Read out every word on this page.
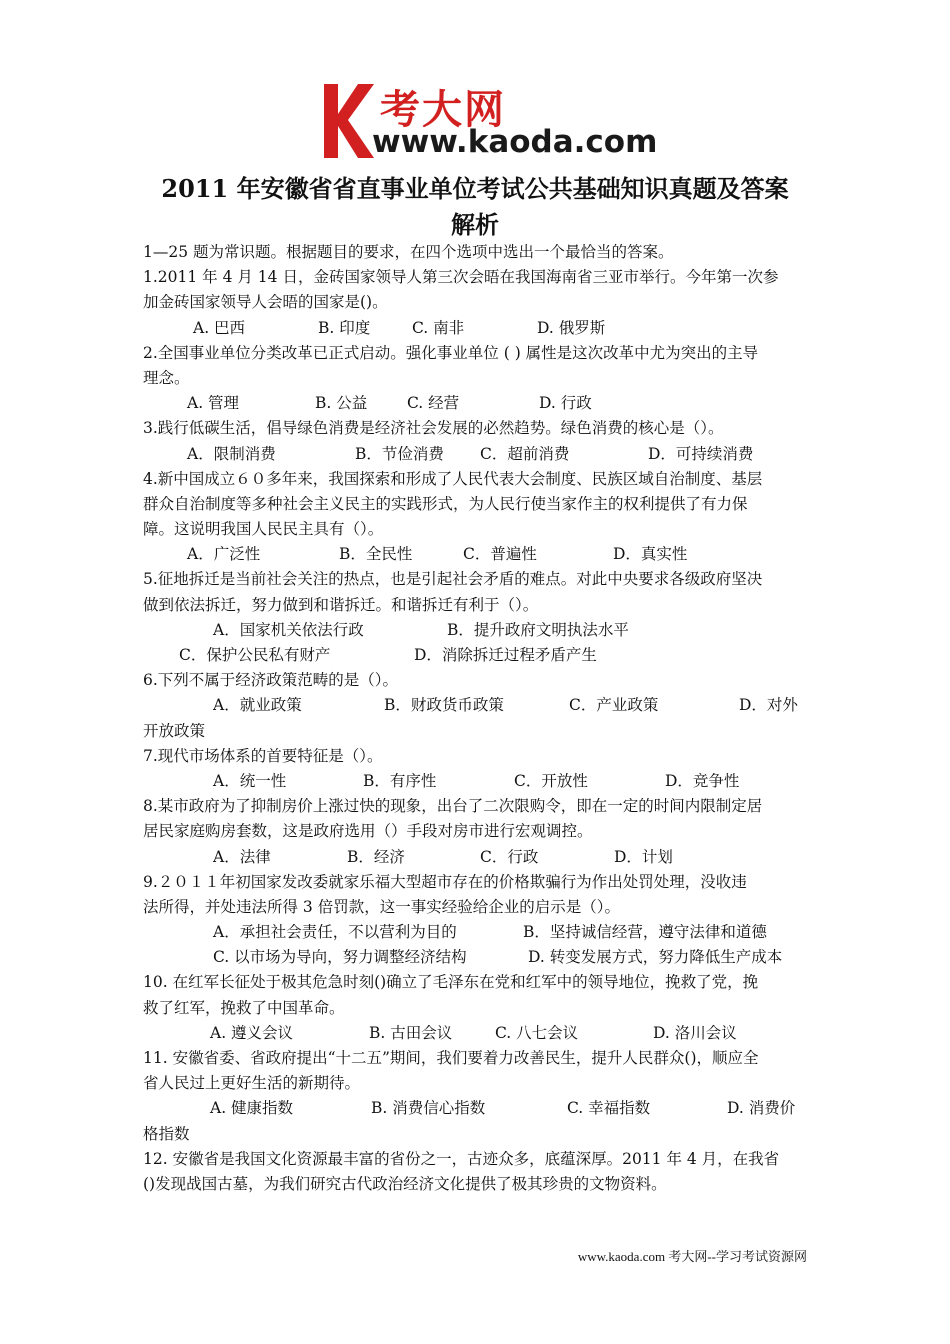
考大网
www.kaoda.com
2011 年安徽省省直事业单位考试公共基础知识真题及答案
解析
1—25 题为常识题。根据题目的要求，在四个选项中选出一个最恰当的答案。
1.2011 年 4 月 14 日，金砖国家领导人第三次会晤在我国海南省三亚市举行。今年第一次参
加金砖国家领导人会晤的国家是()。
A. 巴西	B. 印度	C. 南非	D. 俄罗斯
2.全国事业单位分类改革已正式启动。强化事业单位 ( ) 属性是这次改革中尤为突出的主导
理念。
A. 管理	B. 公益	C. 经营	D. 行政
3.践行低碳生活，倡导绿色消费是经济社会发展的必然趋势。绿色消费的核心是（）。
A．限制消费	B．节俭消费 C．超前消费	D．可持续消费
4.新中国成立６０多年来，我国探索和形成了人民代表大会制度、民族区域自治制度、基层
群众自治制度等多种社会主义民主的实践形式，为人民行使当家作主的权利提供了有力保
障。这说明我国人民民主具有（）。
A．广泛性	B．全民性	C．普遍性	D．真实性
5.征地拆迁是当前社会关注的热点，也是引起社会矛盾的难点。对此中央要求各级政府坚决
做到依法拆迁，努力做到和谐拆迁。和谐拆迁有利于（）。
A．国家机关依法行政	B．提升政府文明执法水平
C．保护公民私有财产	D．消除拆迁过程矛盾产生
6.下列不属于经济政策范畴的是（）。
A．就业政策	B．财政货币政策	C．产业政策	D．对外
开放政策
7.现代市场体系的首要特征是（）。
A．统一性	B．有序性	C．开放性	D．竞争性
8.某市政府为了抑制房价上涨过快的现象，出台了二次限购令，即在一定的时间内限制定居
居民家庭购房套数，这是政府选用（）手段对房市进行宏观调控。
A．法律	B．经济	C．行政	D．计划
9.２０１１年初国家发改委就家乐福大型超市存在的价格欺骗行为作出处罚处理，没收违
法所得，并处违法所得 3 倍罚款，这一事实经验给企业的启示是（）。
A．承担社会责任，不以营利为目的	B．坚持诚信经营，遵守法律和道德
C. 以市场为导向，努力调整经济结构	D. 转变发展方式，努力降低生产成本
10. 在红军长征处于极其危急时刻()确立了毛泽东在党和红军中的领导地位，挽救了党，挽
救了红军，挽救了中国革命。
A. 遵义会议	B. 古田会议	C. 八七会议	D. 洛川会议
11. 安徽省委、省政府提出“十二五”期间，我们要着力改善民生，提升人民群众()，顺应全
省人民过上更好生活的新期待。
A. 健康指数	B. 消费信心指数	C. 幸福指数	D. 消费价
格指数
12. 安徽省是我国文化资源最丰富的省份之一，古迹众多，底蕴深厚。2011 年 4 月，在我省
()发现战国古墓，为我们研究古代政治经济文化提供了极其珍贵的文物资料。
www.kaoda.com 考大网--学习考试资源网
